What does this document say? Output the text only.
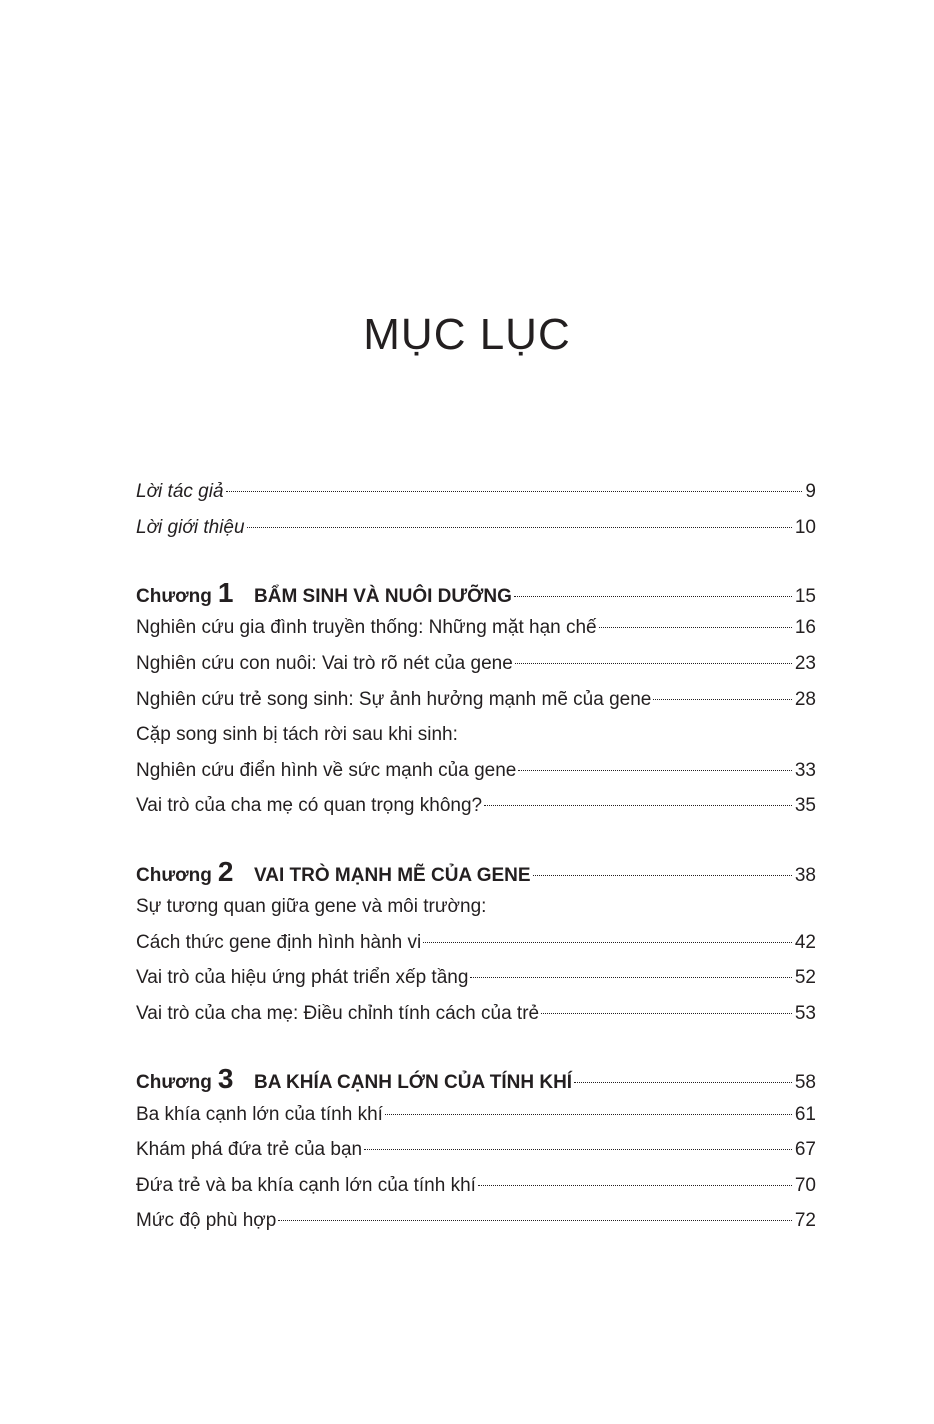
MỤC LỤC
Lời tác giả	9
Lời giới thiệu	10
Chương 1 BẨM SINH VÀ NUÔI DƯỠNG	15
Nghiên cứu gia đình truyền thống: Những mặt hạn chế	16
Nghiên cứu con nuôi: Vai trò rõ nét của gene	23
Nghiên cứu trẻ song sinh: Sự ảnh hưởng mạnh mẽ của gene	28
Cặp song sinh bị tách rời sau khi sinh:
Nghiên cứu điển hình về sức mạnh của gene	33
Vai trò của cha mẹ có quan trọng không?	35
Chương 2 VAI TRÒ MẠNH MẼ CỦA GENE	38
Sự tương quan giữa gene và môi trường:
Cách thức gene định hình hành vi	42
Vai trò của hiệu ứng phát triển xếp tầng	52
Vai trò của cha mẹ: Điều chỉnh tính cách của trẻ	53
Chương 3 BA KHÍA CẠNH LỚN CỦA TÍNH KHÍ	58
Ba khía cạnh lớn của tính khí	61
Khám phá đứa trẻ của bạn	67
Đứa trẻ và ba khía cạnh lớn của tính khí	70
Mức độ phù hợp	72
